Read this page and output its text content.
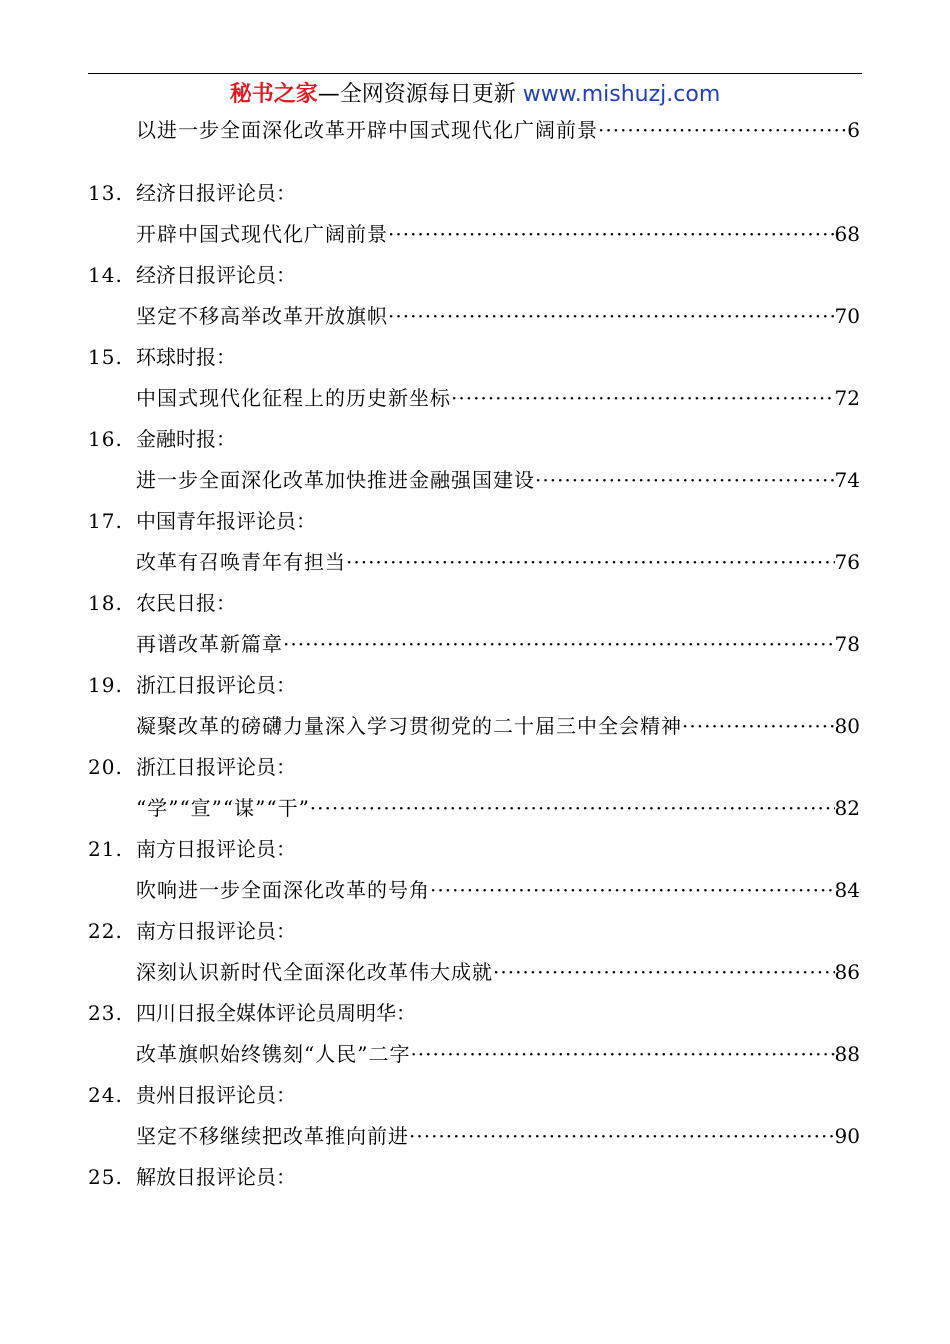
秘书之家—全网资源每日更新 www.mishuzj.com
以进一步全面深化改革开辟中国式现代化广阔前景 ·····	6
13. 经济日报评论员：
开辟中国式现代化广阔前景 ·····	68
14. 经济日报评论员：
坚定不移高举改革开放旗帜 ·····	70
15. 环球时报：
中国式现代化征程上的历史新坐标 ·····	72
16. 金融时报：
进一步全面深化改革加快推进金融强国建设 ·····	74
17. 中国青年报评论员：
改革有召唤青年有担当 ·····	76
18. 农民日报：
再谱改革新篇章 ·····	78
19. 浙江日报评论员：
凝聚改革的磅礴力量深入学习贯彻党的二十届三中全会精神 ·····	80
20. 浙江日报评论员：
“学”“宣”“谋”“干” ·····	82
21. 南方日报评论员：
吹响进一步全面深化改革的号角 ·····	84
22. 南方日报评论员：
深刻认识新时代全面深化改革伟大成就 ·····	86
23. 四川日报全媒体评论员周明华：
改革旗帜始终镌刻“人民”二字 ·····	88
24. 贵州日报评论员：
坚定不移继续把改革推向前进 ·····	90
25. 解放日报评论员：
